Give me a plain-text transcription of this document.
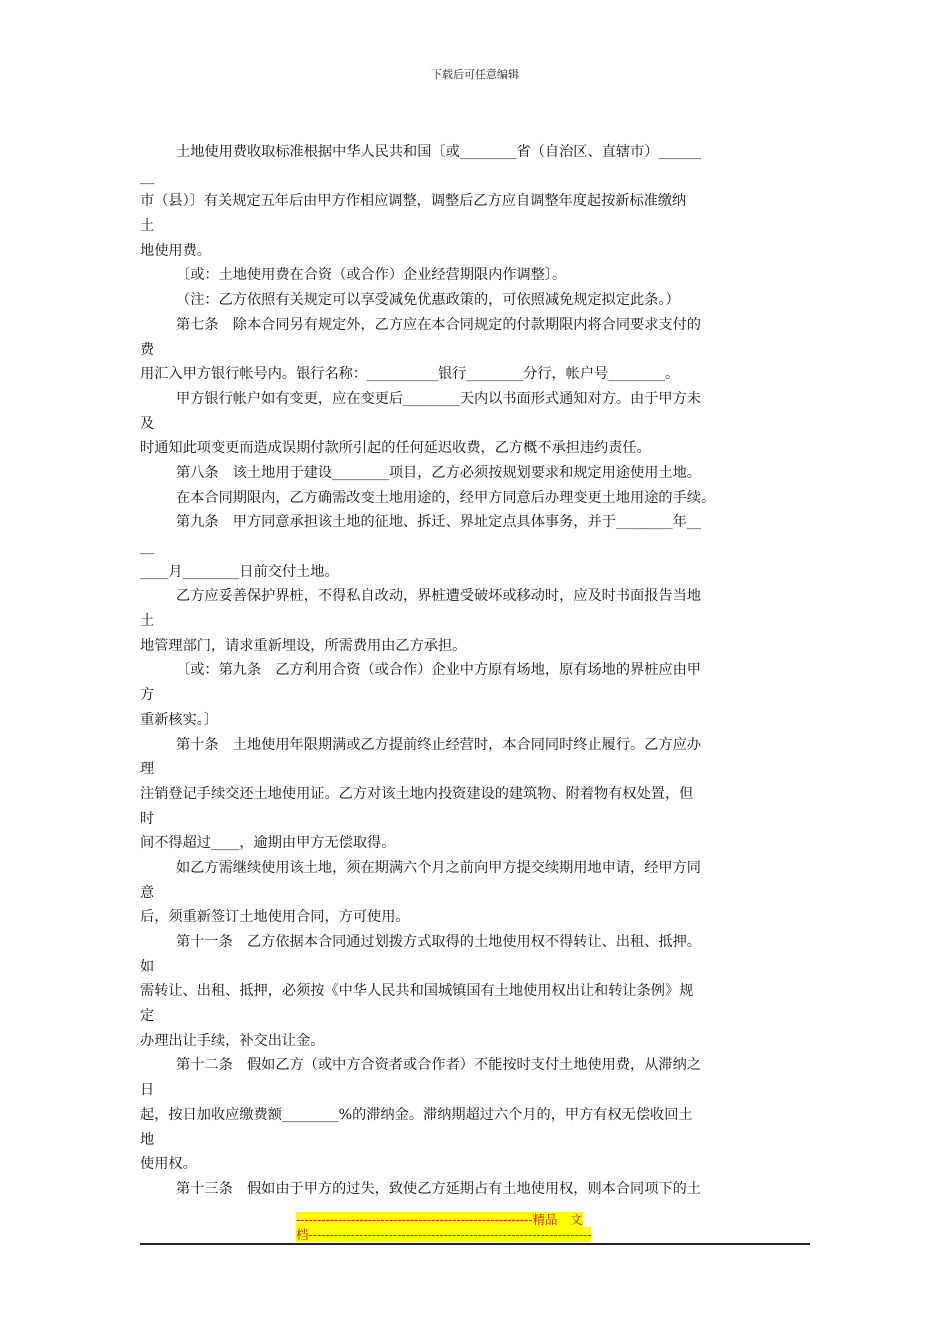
下载后可任意编辑
土地使用费收取标准根据中华人民共和国〔或________省（自治区、直辖市）______
__
市（县）〕有关规定五年后由甲方作相应调整，调整后乙方应自调整年度起按新标准缴纳
土
地使用费。
〔或：土地使用费在合资（或合作）企业经营期限内作调整〕。
（注：乙方依照有关规定可以享受减免优惠政策的，可依照减免规定拟定此条。）
第七条　除本合同另有规定外，乙方应在本合同规定的付款期限内将合同要求支付的
费
用汇入甲方银行帐号内。银行名称：__________银行________分行，帐户号________。
甲方银行帐户如有变更，应在变更后________天内以书面形式通知对方。由于甲方未
及
时通知此项变更而造成误期付款所引起的任何延迟收费，乙方概不承担违约责任。
第八条　该土地用于建设________项目，乙方必须按规划要求和规定用途使用土地。
在本合同期限内，乙方确需改变土地用途的，经甲方同意后办理变更土地用途的手续。
第九条　甲方同意承担该土地的征地、拆迁、界址定点具体事务，并于________年__
__
____月________日前交付土地。
乙方应妥善保护界桩，不得私自改动，界桩遭受破坏或移动时，应及时书面报告当地
土
地管理部门，请求重新埋设，所需费用由乙方承担。
〔或：第九条　乙方利用合资（或合作）企业中方原有场地，原有场地的界桩应由甲
方
重新核实。〕
第十条　土地使用年限期满或乙方提前终止经营时，本合同同时终止履行。乙方应办
理
注销登记手续交还土地使用证。乙方对该土地内投资建设的建筑物、附着物有权处置，但
时
间不得超过____，逾期由甲方无偿取得。
如乙方需继续使用该土地，须在期满六个月之前向甲方提交续期用地申请，经甲方同
意
后，须重新签订土地使用合同，方可使用。
第十一条　乙方依据本合同通过划拨方式取得的土地使用权不得转让、出租、抵押。
如
需转让、出租、抵押，必须按《中华人民共和国城镇国有土地使用权出让和转让条例》规
定
办理出让手续，补交出让金。
第十二条　假如乙方（或中方合资者或合作者）不能按时支付土地使用费，从滞纳之
日
起，按日加收应缴费额________%的滞纳金。滞纳期超过六个月的，甲方有权无偿收回土
地
使用权。
第十三条　假如由于甲方的过失，致使乙方延期占有土地使用权，则本合同项下的土
--------------------------------------------------------精品　文
档-------------------------------------------------------------------
